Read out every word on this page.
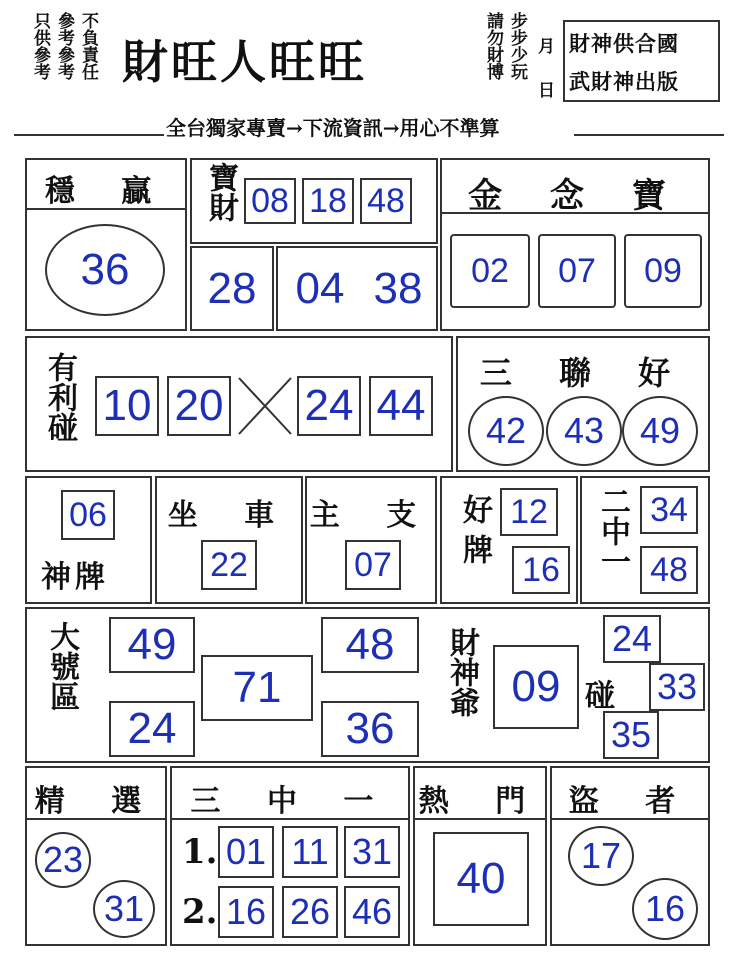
不負責任
參考參考
只供參考 財旺人旺旺	請勿財博 步步少玩 月
日
財神供合國
武財神出版
全台獨家專賣→下流資訊→用心不準算
穩 贏
36
寶財 08 18 48
28 04 38
金 念 寶
02	07	09
有利碰 10 20 24 44
三 聯 好
42	43 49
06
神牌
坐 車
22
主 支
07	好牌 12
16	二中一 34
48
大號區	49
24
71
48
36
財神爺 09 碰
24
33
35
精 選
23
31
三 中 一
1. 01 11 31
2. 16 26 46
熱 門
40
盜 者
17
16
